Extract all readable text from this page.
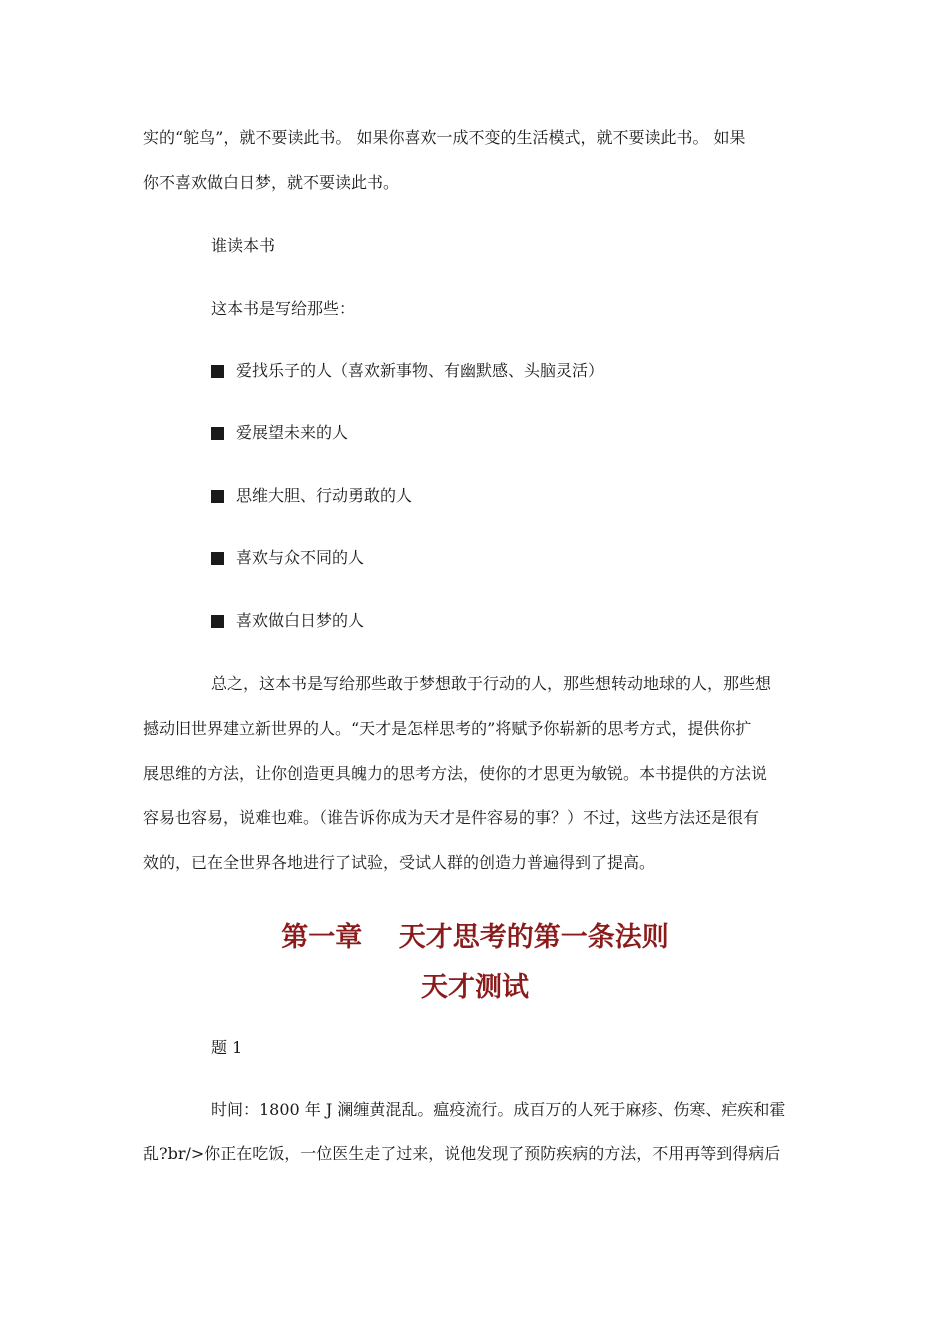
实的“鸵鸟”，就不要读此书。 如果你喜欢一成不变的生活模式，就不要读此书。 如果

你不喜欢做白日梦，就不要读此书。

谁读本书

这本书是写给那些：

爱找乐子的人（喜欢新事物、有幽默感、头脑灵活）
爱展望未来的人
思维大胆、行动勇敢的人
喜欢与众不同的人
喜欢做白日梦的人

总之，这本书是写给那些敢于梦想敢于行动的人，那些想转动地球的人，那些想

撼动旧世界建立新世界的人。“天才是怎样思考的”将赋予你崭新的思考方式，提供你扩

展思维的方法，让你创造更具魄力的思考方法，使你的才思更为敏锐。本书提供的方法说

容易也容易，说难也难。（谁告诉你成为天才是件容易的事？）不过，这些方法还是很有

效的，已在全世界各地进行了试验，受试人群的创造力普遍得到了提高。

第一章　 天才思考的第一条法则
天才测试

题 1

时间：1800 年 J 澜缠黄混乱。瘟疫流行。成百万的人死于麻疹、伤寒、疟疾和霍

乱?br/>你正在吃饭，一位医生走了过来，说他发现了预防疾病的方法，不用再等到得病后
